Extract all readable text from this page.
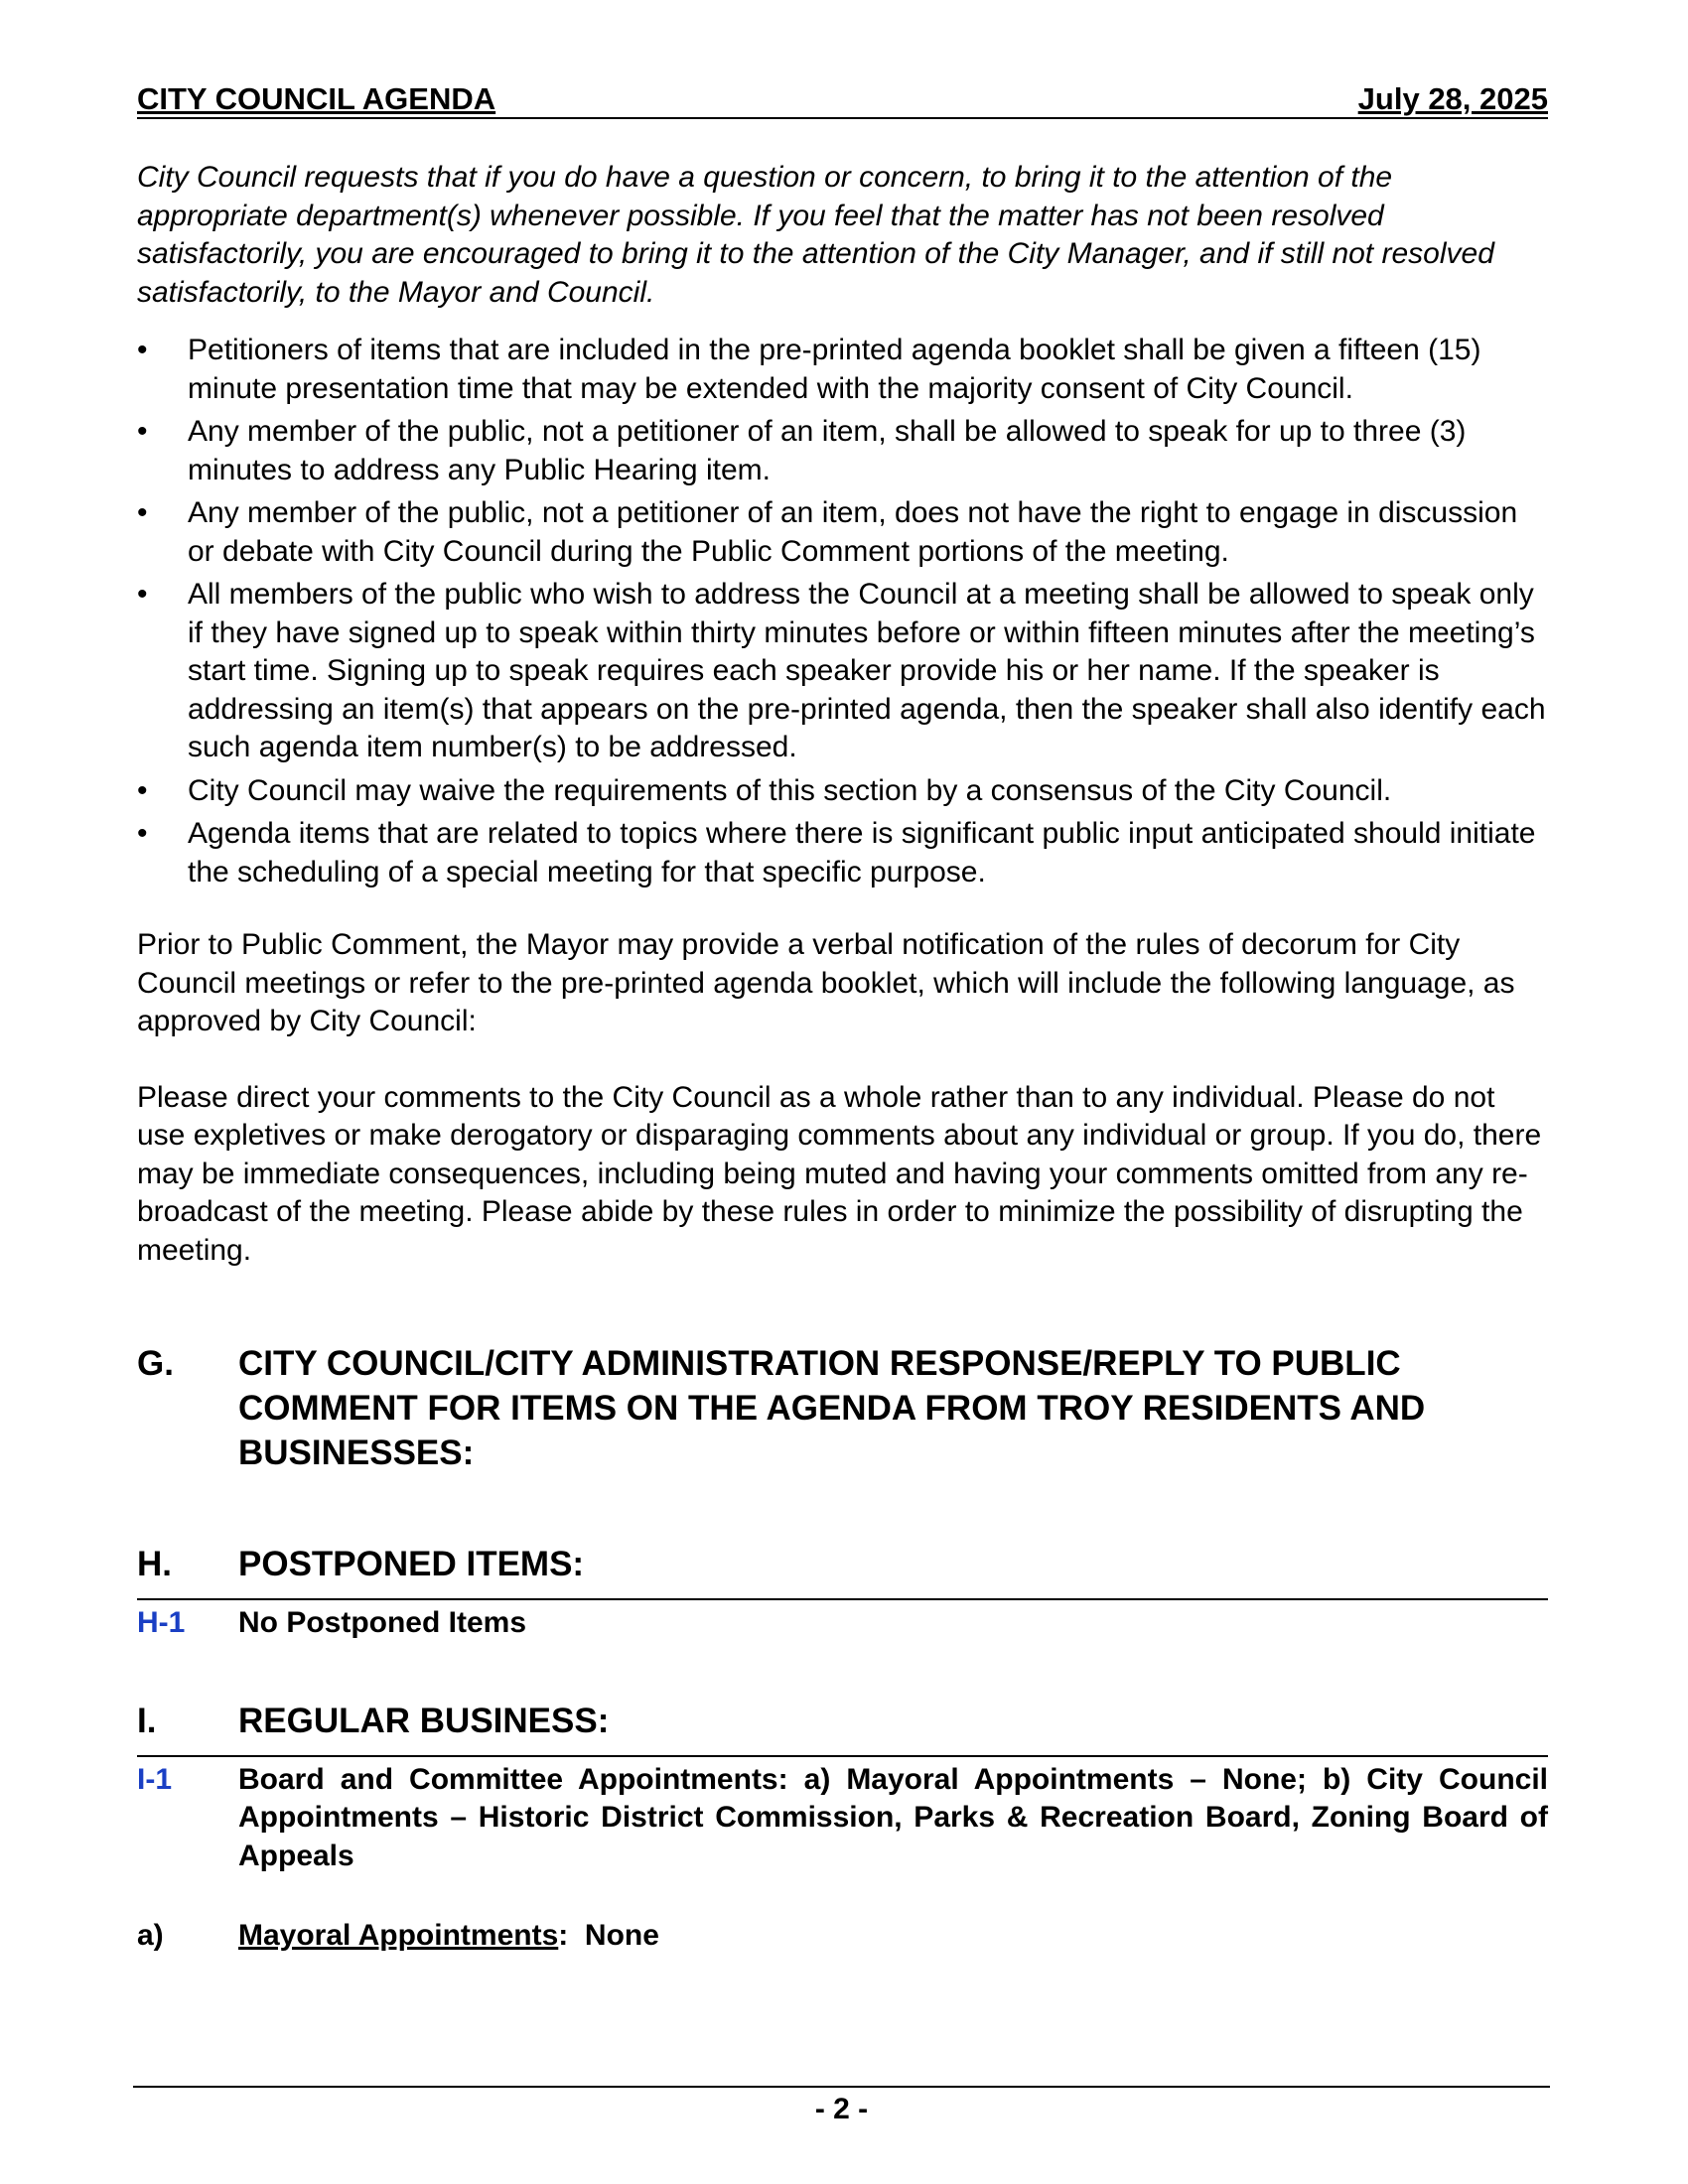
CITY COUNCIL AGENDA	July 28, 2025

City Council requests that if you do have a question or concern, to bring it to the attention of the appropriate department(s) whenever possible. If you feel that the matter has not been resolved satisfactorily, you are encouraged to bring it to the attention of the City Manager, and if still not resolved satisfactorily, to the Mayor and Council.

•	Petitioners of items that are included in the pre-printed agenda booklet shall be given a fifteen (15) minute presentation time that may be extended with the majority consent of City Council.
•	Any member of the public, not a petitioner of an item, shall be allowed to speak for up to three (3) minutes to address any Public Hearing item.
•	Any member of the public, not a petitioner of an item, does not have the right to engage in discussion or debate with City Council during the Public Comment portions of the meeting.
•	All members of the public who wish to address the Council at a meeting shall be allowed to speak only if they have signed up to speak within thirty minutes before or within fifteen minutes after the meeting’s start time. Signing up to speak requires each speaker provide his or her name. If the speaker is addressing an item(s) that appears on the pre-printed agenda, then the speaker shall also identify each such agenda item number(s) to be addressed.
•	City Council may waive the requirements of this section by a consensus of the City Council.
•	Agenda items that are related to topics where there is significant public input anticipated should initiate the scheduling of a special meeting for that specific purpose.

Prior to Public Comment, the Mayor may provide a verbal notification of the rules of decorum for City Council meetings or refer to the pre-printed agenda booklet, which will include the following language, as approved by City Council:

Please direct your comments to the City Council as a whole rather than to any individual. Please do not use expletives or make derogatory or disparaging comments about any individual or group. If you do, there may be immediate consequences, including being muted and having your comments omitted from any re-broadcast of the meeting. Please abide by these rules in order to minimize the possibility of disrupting the meeting.

G.	CITY COUNCIL/CITY ADMINISTRATION RESPONSE/REPLY TO PUBLIC COMMENT FOR ITEMS ON THE AGENDA FROM TROY RESIDENTS AND BUSINESSES:
H.	POSTPONED ITEMS:
H-1	No Postponed Items
I.	REGULAR BUSINESS:
I-1	Board and Committee Appointments: a) Mayoral Appointments – None; b) City Council Appointments – Historic District Commission, Parks & Recreation Board, Zoning Board of Appeals
a)	Mayoral Appointments:  None
- 2 -
